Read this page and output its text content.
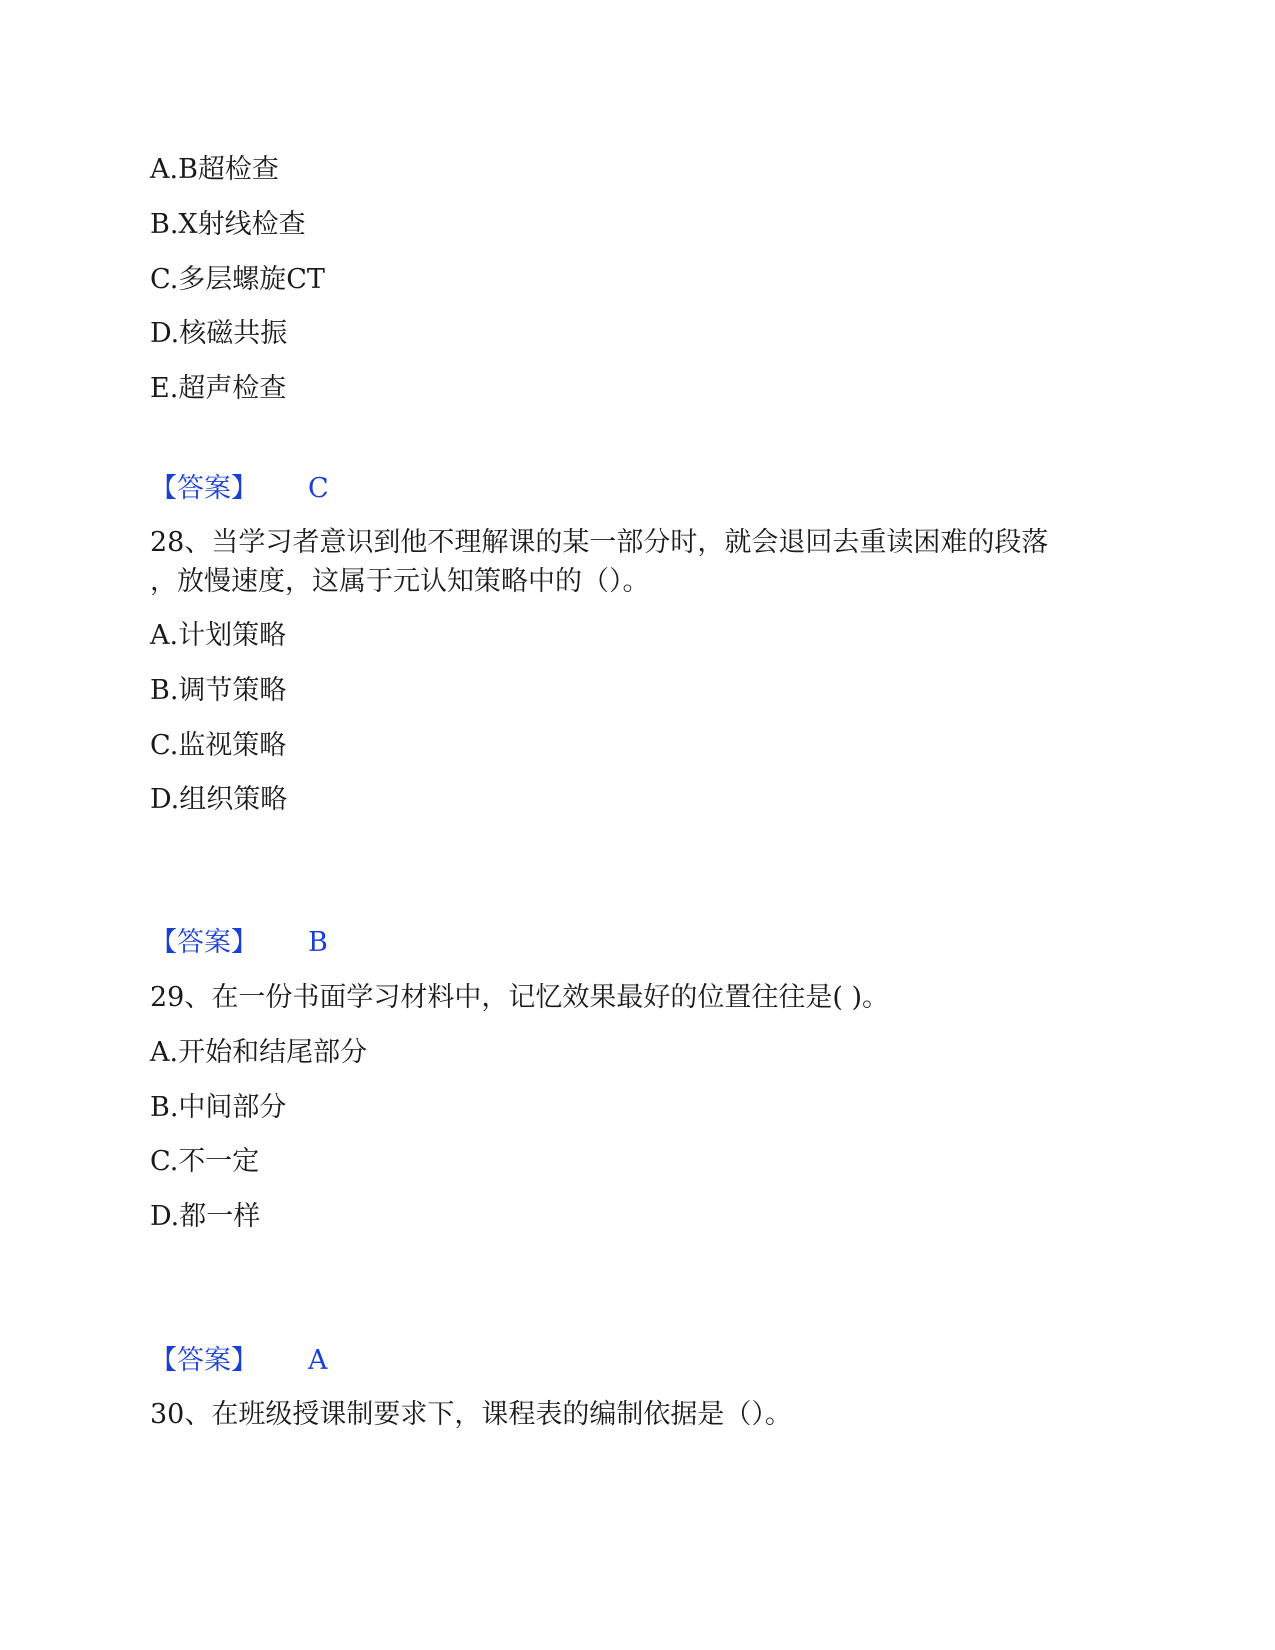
A.B超检查
B.X射线检查
C.多层螺旋CT
D.核磁共振
E.超声检查
【答案】 C
28、当学习者意识到他不理解课的某一部分时，就会退回去重读困难的段落
，放慢速度，这属于元认知策略中的（）。
A.计划策略
B.调节策略
C.监视策略
D.组织策略
【答案】 B
29、在一份书面学习材料中，记忆效果最好的位置往往是( )。
A.开始和结尾部分
B.中间部分
C.不一定
D.都一样
【答案】 A
30、在班级授课制要求下，课程表的编制依据是（）。
